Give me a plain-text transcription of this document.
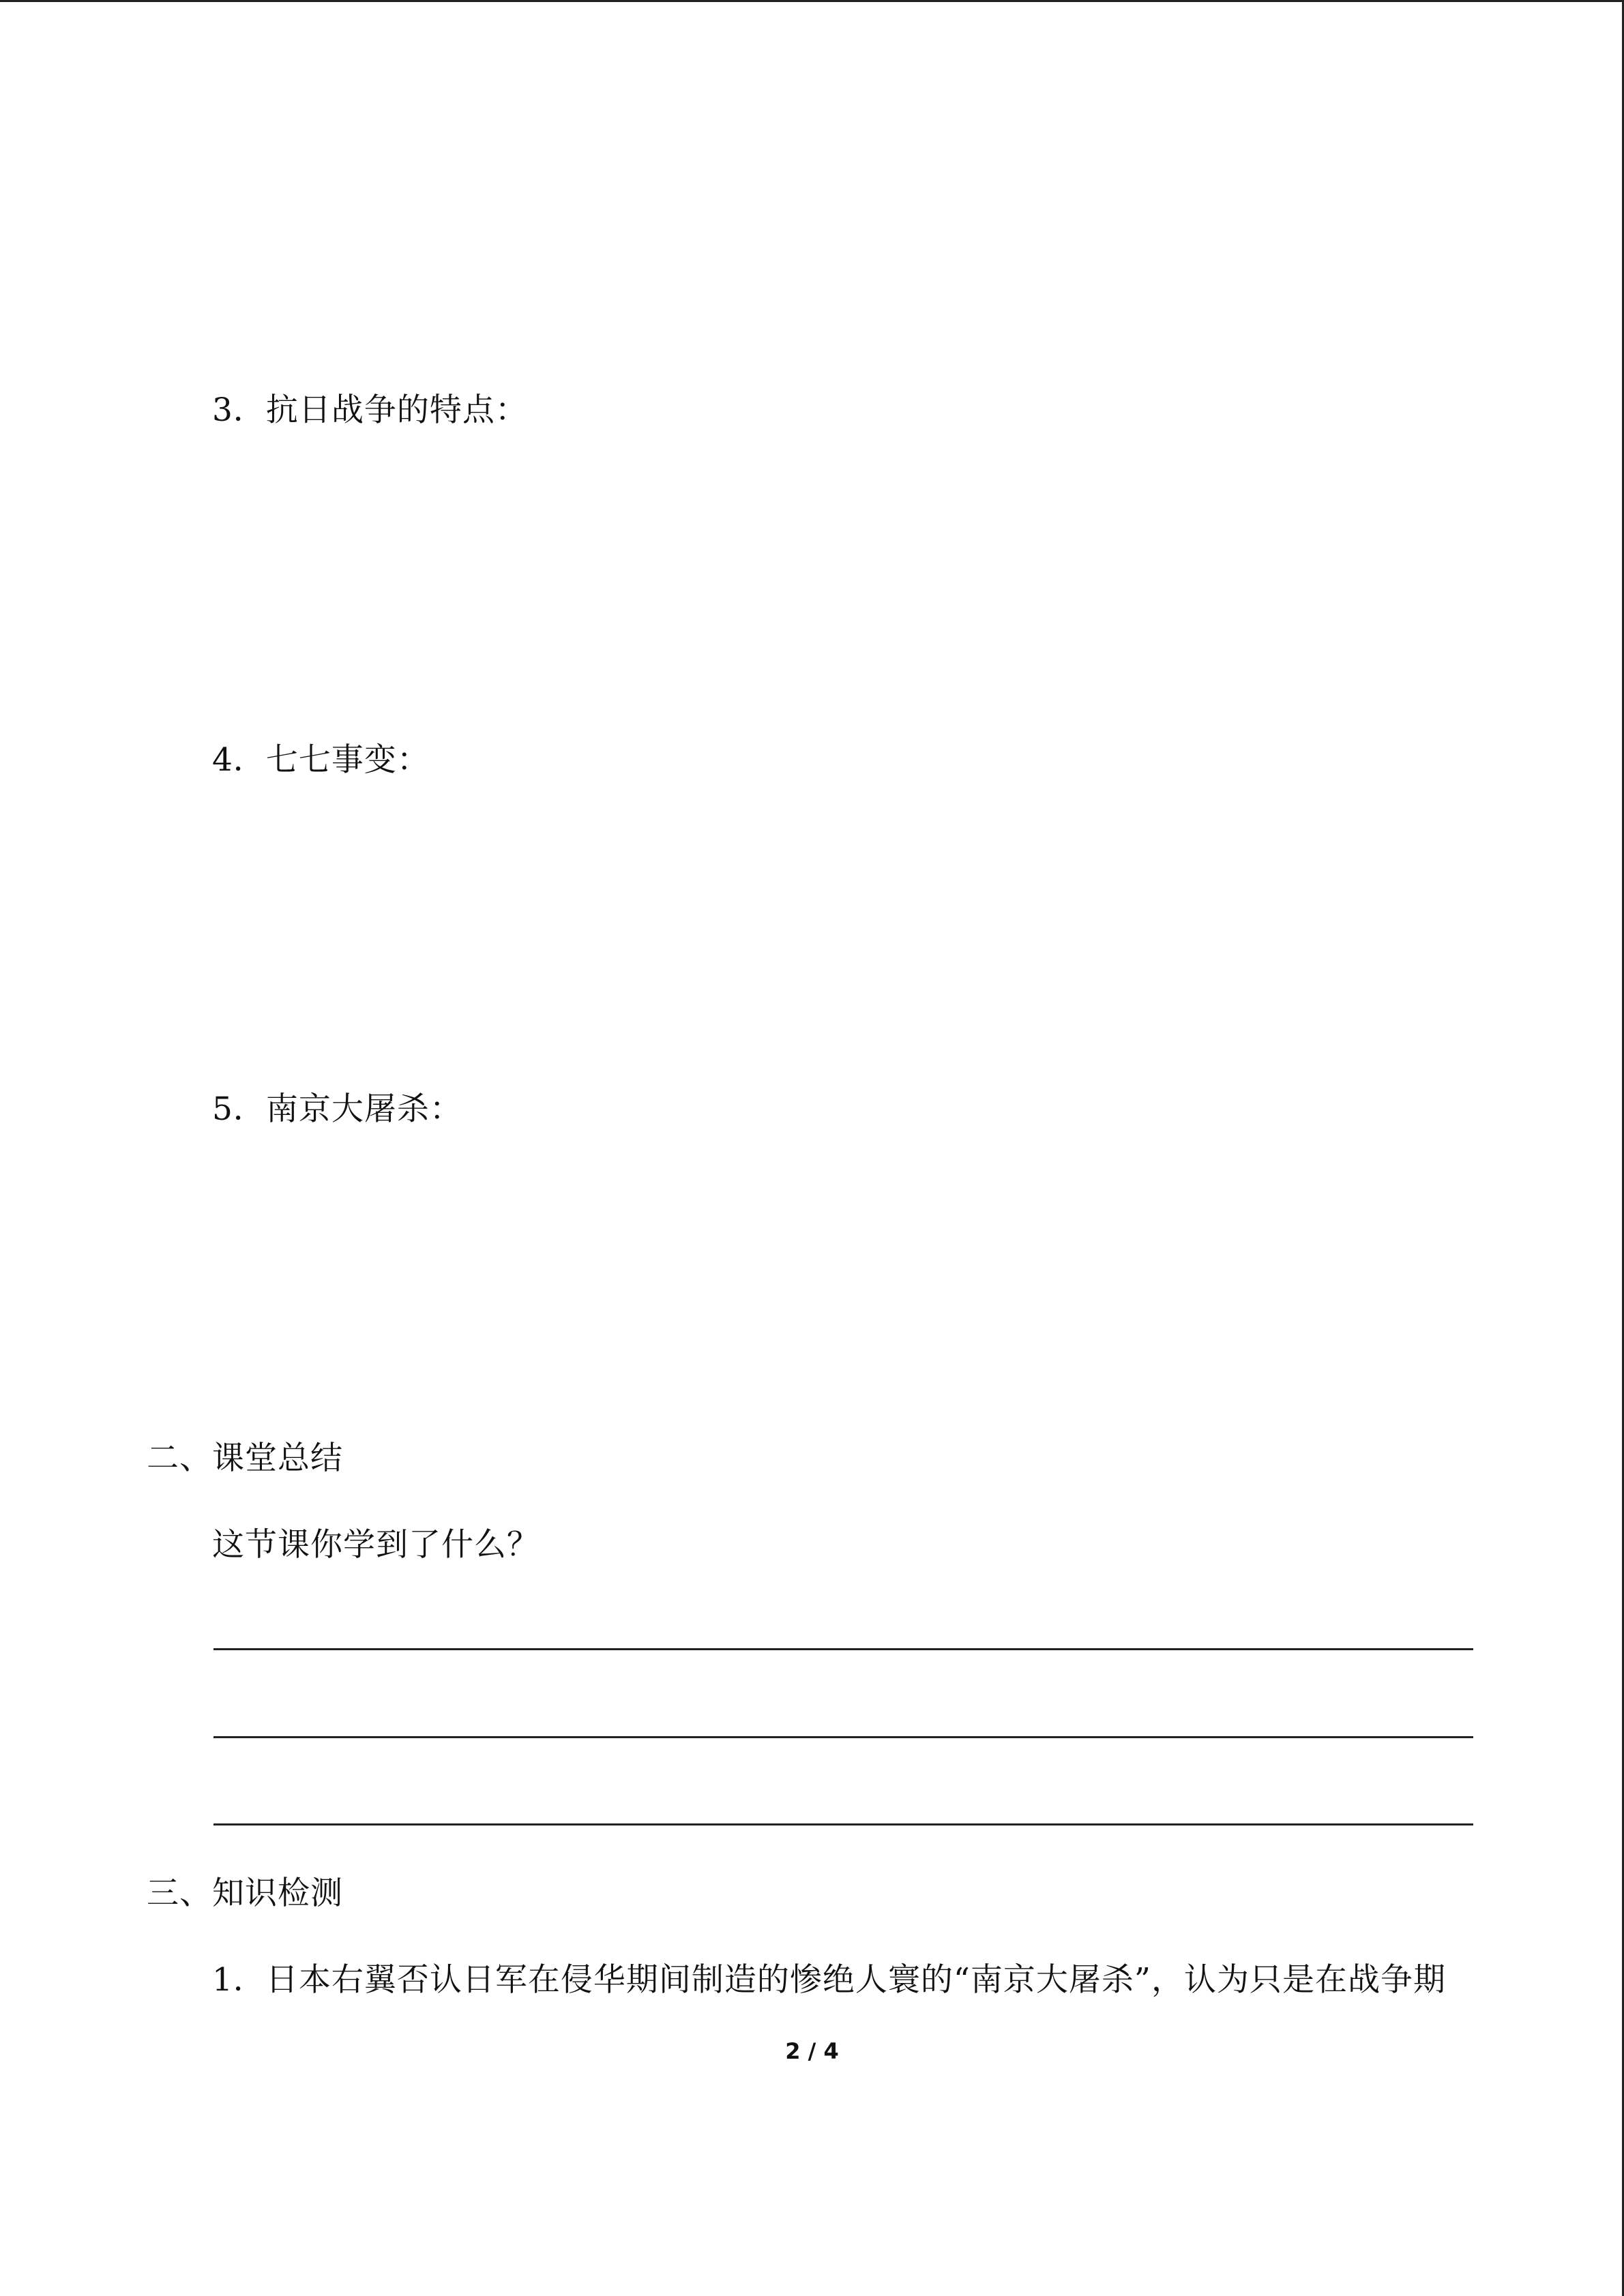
3．抗日战争的特点：
4．七七事变：
5．南京大屠杀：
二、课堂总结
这节课你学到了什么？
三、知识检测
1．日本右翼否认日军在侵华期间制造的惨绝人寰的“南京大屠杀”，认为只是在战争期
2 / 4
